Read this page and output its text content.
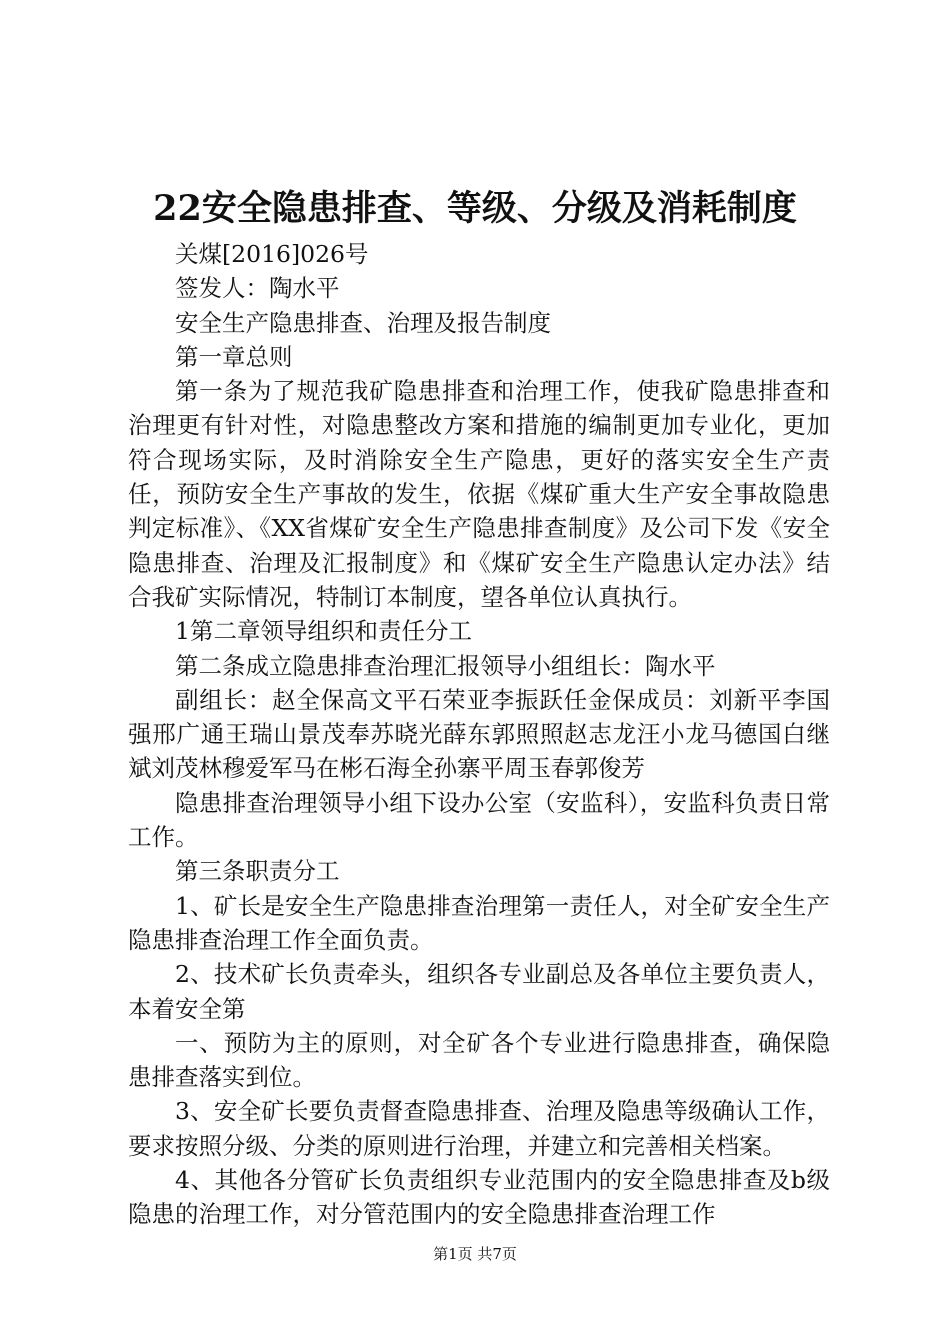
22安全隐患排查、等级、分级及消耗制度

关煤[2016]026号

签发人：陶水平

安全生产隐患排查、治理及报告制度

第一章总则

第一条为了规范我矿隐患排查和治理工作，使我矿隐患排查和治理更有针对性，对隐患整改方案和措施的编制更加专业化，更加符合现场实际，及时消除安全生产隐患，更好的落实安全生产责任，预防安全生产事故的发生，依据《煤矿重大生产安全事故隐患判定标准》、《XX省煤矿安全生产隐患排查制度》及公司下发《安全隐患排查、治理及汇报制度》和《煤矿安全生产隐患认定办法》结合我矿实际情况，特制订本制度，望各单位认真执行。

1第二章领导组织和责任分工

第二条成立隐患排查治理汇报领导小组组长：陶水平

副组长：赵全保高文平石荣亚李振跃任金保成员：刘新平李国强邢广通王瑞山景茂奉苏晓光薛东郭照照赵志龙汪小龙马德国白继斌刘茂林穆爱军马在彬石海全孙寨平周玉春郭俊芳

隐患排查治理领导小组下设办公室（安监科），安监科负责日常工作。

第三条职责分工

1、矿长是安全生产隐患排查治理第一责任人，对全矿安全生产隐患排查治理工作全面负责。

2、技术矿长负责牵头，组织各专业副总及各单位主要负责人，本着安全第

一、预防为主的原则，对全矿各个专业进行隐患排查，确保隐患排查落实到位。

3、安全矿长要负责督查隐患排查、治理及隐患等级确认工作，要求按照分级、分类的原则进行治理，并建立和完善相关档案。

4、其他各分管矿长负责组织专业范围内的安全隐患排查及b级隐患的治理工作，对分管范围内的安全隐患排查治理工作

第1页 共7页
